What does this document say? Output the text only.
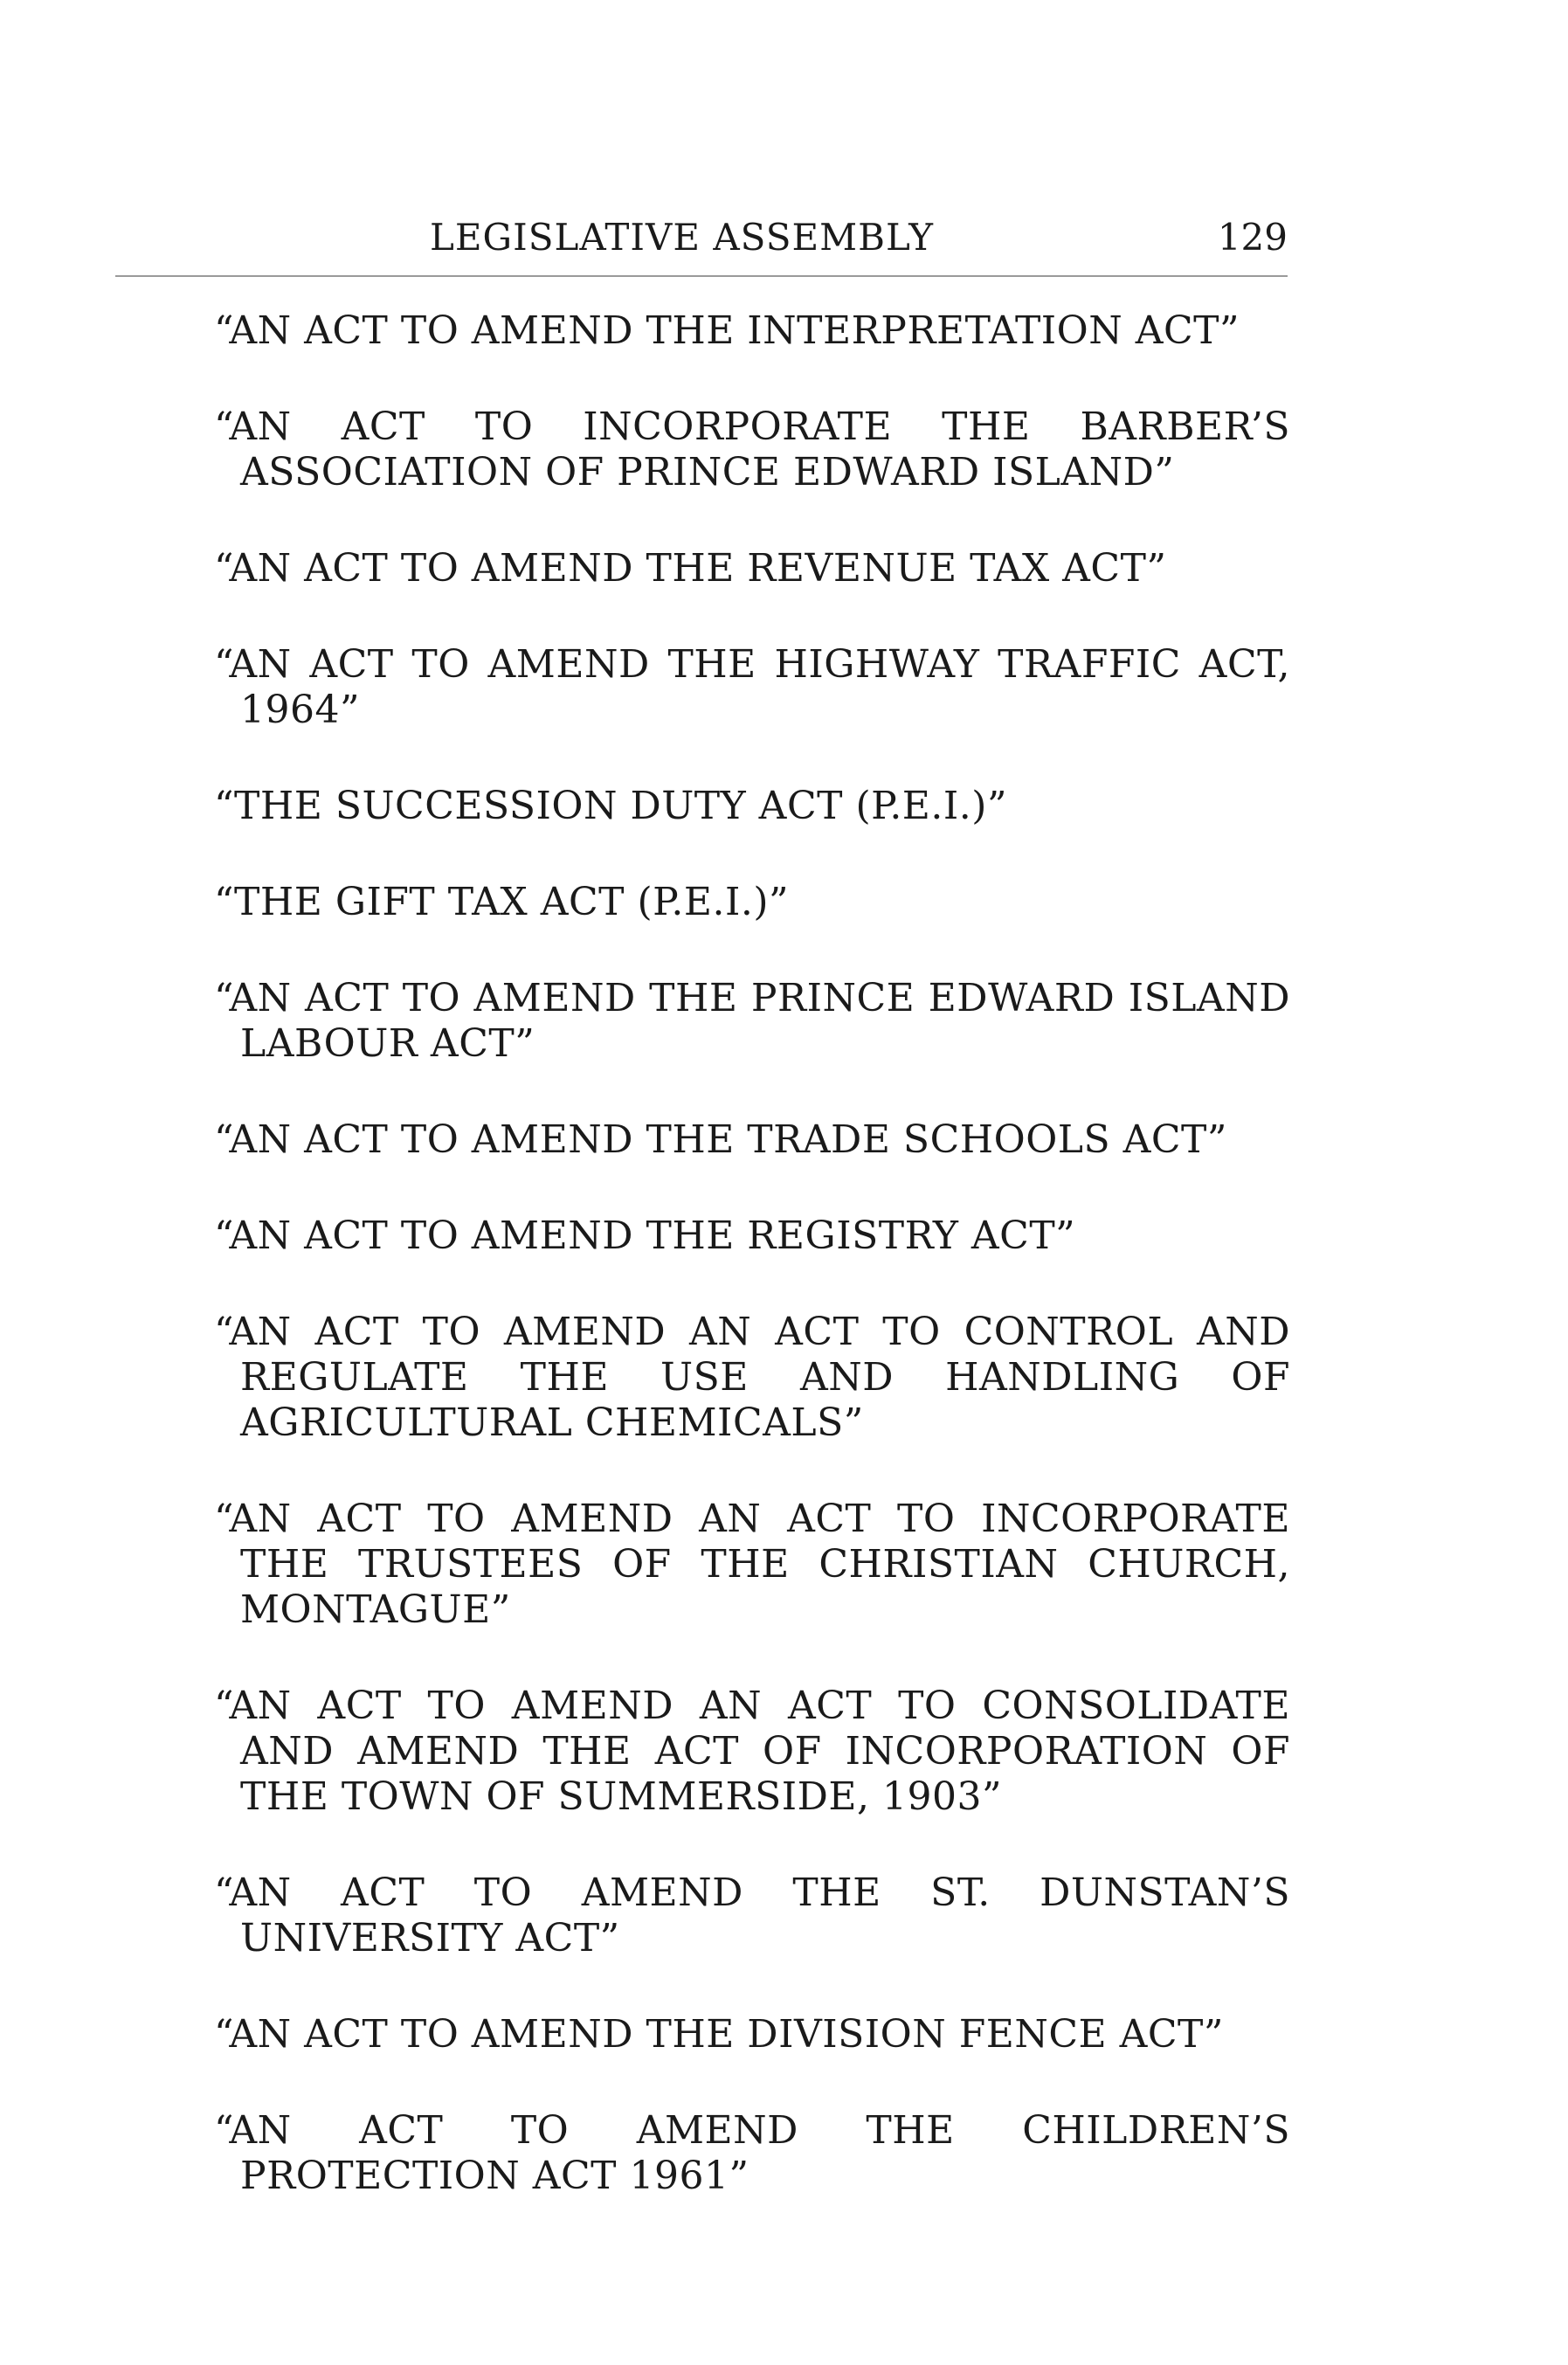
LEGISLATIVE ASSEMBLY	129
“AN ACT TO AMEND THE INTERPRETATION ACT”
“AN ACT TO INCORPORATE THE BARBER’S ASSOCIATION OF PRINCE EDWARD ISLAND”
“AN ACT TO AMEND THE REVENUE TAX ACT”
“AN ACT TO AMEND THE HIGHWAY TRAFFIC ACT, 1964”
“THE SUCCESSION DUTY ACT (P.E.I.)”
“THE GIFT TAX ACT (P.E.I.)”
“AN ACT TO AMEND THE PRINCE EDWARD ISLAND LABOUR ACT”
“AN ACT TO AMEND THE TRADE SCHOOLS ACT”
“AN ACT TO AMEND THE REGISTRY ACT”
“AN ACT TO AMEND AN ACT TO CONTROL AND REGULATE THE USE AND HANDLING OF AGRICULTURAL CHEMICALS”
“AN ACT TO AMEND AN ACT TO INCORPORATE THE TRUSTEES OF THE CHRISTIAN CHURCH, MONTAGUE”
“AN ACT TO AMEND AN ACT TO CONSOLIDATE AND AMEND THE ACT OF INCORPORATION OF THE TOWN OF SUMMERSIDE, 1903”
“AN ACT TO AMEND THE ST. DUNSTAN’S UNIVERSITY ACT”
“AN ACT TO AMEND THE DIVISION FENCE ACT”
“AN ACT TO AMEND THE CHILDREN’S PROTECTION ACT 1961”
